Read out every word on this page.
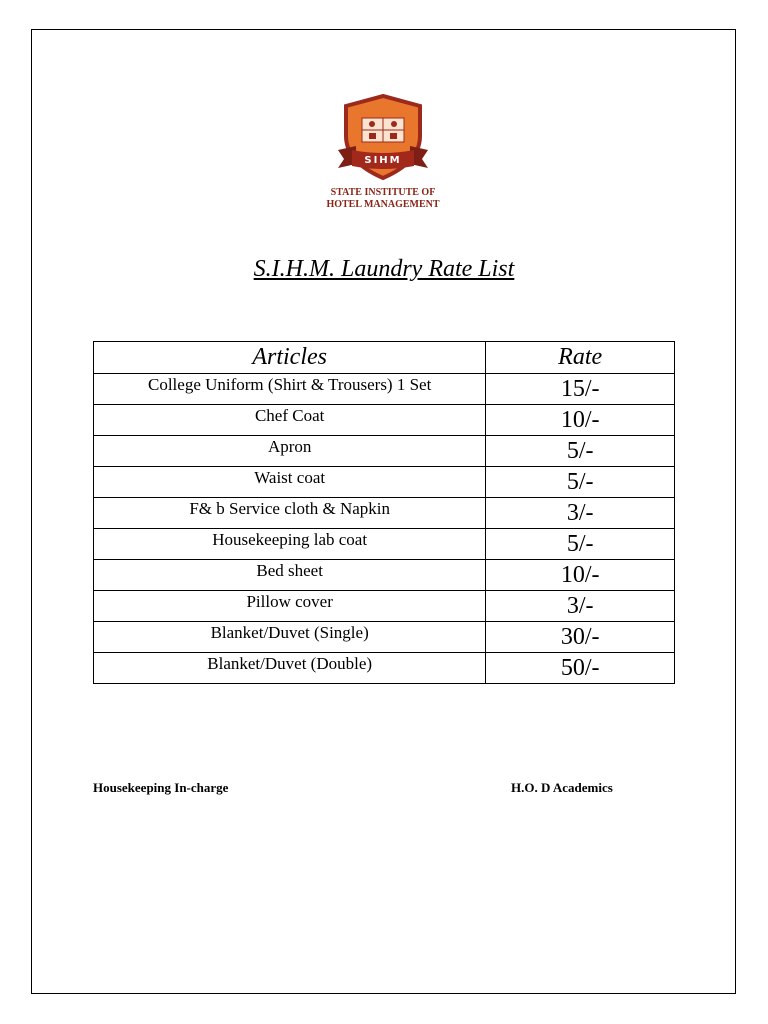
SIHM
STATE INSTITUTE OF
HOTEL MANAGEMENT
S.I.H.M. Laundry Rate List
Articles	Rate
College Uniform (Shirt & Trousers) 1 Set	15/-
Chef Coat	10/-
Apron	5/-
Waist coat	5/-
F& b Service cloth & Napkin	3/-
Housekeeping lab coat	5/-
Bed sheet	10/-
Pillow cover	3/-
Blanket/Duvet (Single)	30/-
Blanket/Duvet (Double)	50/-
Housekeeping In-charge	H.O. D Academics
